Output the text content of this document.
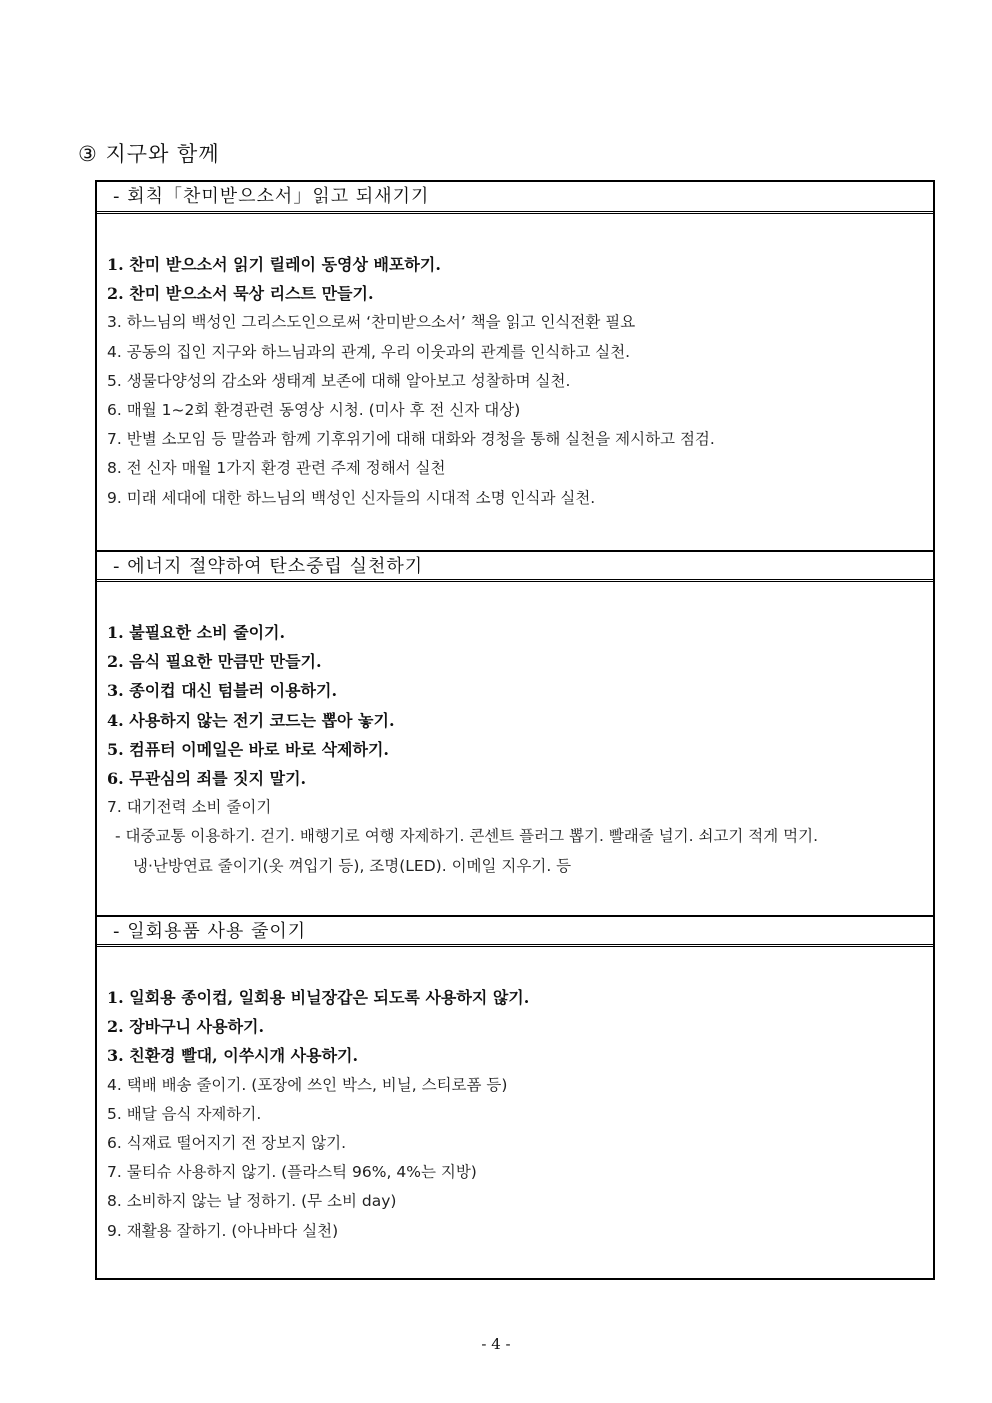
③ 지구와 함께
- 회칙「찬미받으소서」읽고 되새기기
1. 찬미 받으소서 읽기 릴레이 동영상 배포하기.
2. 찬미 받으소서 묵상 리스트 만들기.
3. 하느님의 백성인 그리스도인으로써 ‘찬미받으소서’ 책을 읽고 인식전환 필요
4. 공동의 집인 지구와 하느님과의 관계, 우리 이웃과의 관계를 인식하고 실천.
5. 생물다양성의 감소와 생태계 보존에 대해 알아보고 성찰하며 실천.
6. 매월 1~2회 환경관련 동영상 시청. (미사 후 전 신자 대상)
7. 반별 소모임 등 말씀과 함께 기후위기에 대해 대화와 경청을 통해 실천을 제시하고 점검.
8. 전 신자 매월 1가지 환경 관련 주제 정해서 실천
9. 미래 세대에 대한 하느님의 백성인 신자들의 시대적 소명 인식과 실천.
- 에너지 절약하여 탄소중립 실천하기
1. 불필요한 소비 줄이기.
2. 음식 필요한 만큼만 만들기.
3. 종이컵 대신 텀블러 이용하기.
4. 사용하지 않는 전기 코드는 뽑아 놓기.
5. 컴퓨터 이메일은 바로 바로 삭제하기.
6. 무관심의 죄를 짓지 말기.
7. 대기전력 소비 줄이기
- 대중교통 이용하기. 걷기. 배행기로 여행 자제하기. 콘센트 플러그 뽑기. 빨래줄 널기. 쇠고기 적게 먹기.
냉·난방연료 줄이기(옷 껴입기 등), 조명(LED). 이메일 지우기. 등
- 일회용품 사용 줄이기
1. 일회용 종이컵, 일회용 비닐장갑은 되도록 사용하지 않기.
2. 장바구니 사용하기.
3. 친환경 빨대, 이쑤시개 사용하기.
4. 택배 배송 줄이기. (포장에 쓰인 박스, 비닐, 스티로폼 등)
5. 배달 음식 자제하기.
6. 식재료 떨어지기 전 장보지 않기.
7. 물티슈 사용하지 않기. (플라스틱 96%, 4%는 지방)
8. 소비하지 않는 날 정하기. (무 소비 day)
9. 재활용 잘하기. (아나바다 실천)
- 4 -
